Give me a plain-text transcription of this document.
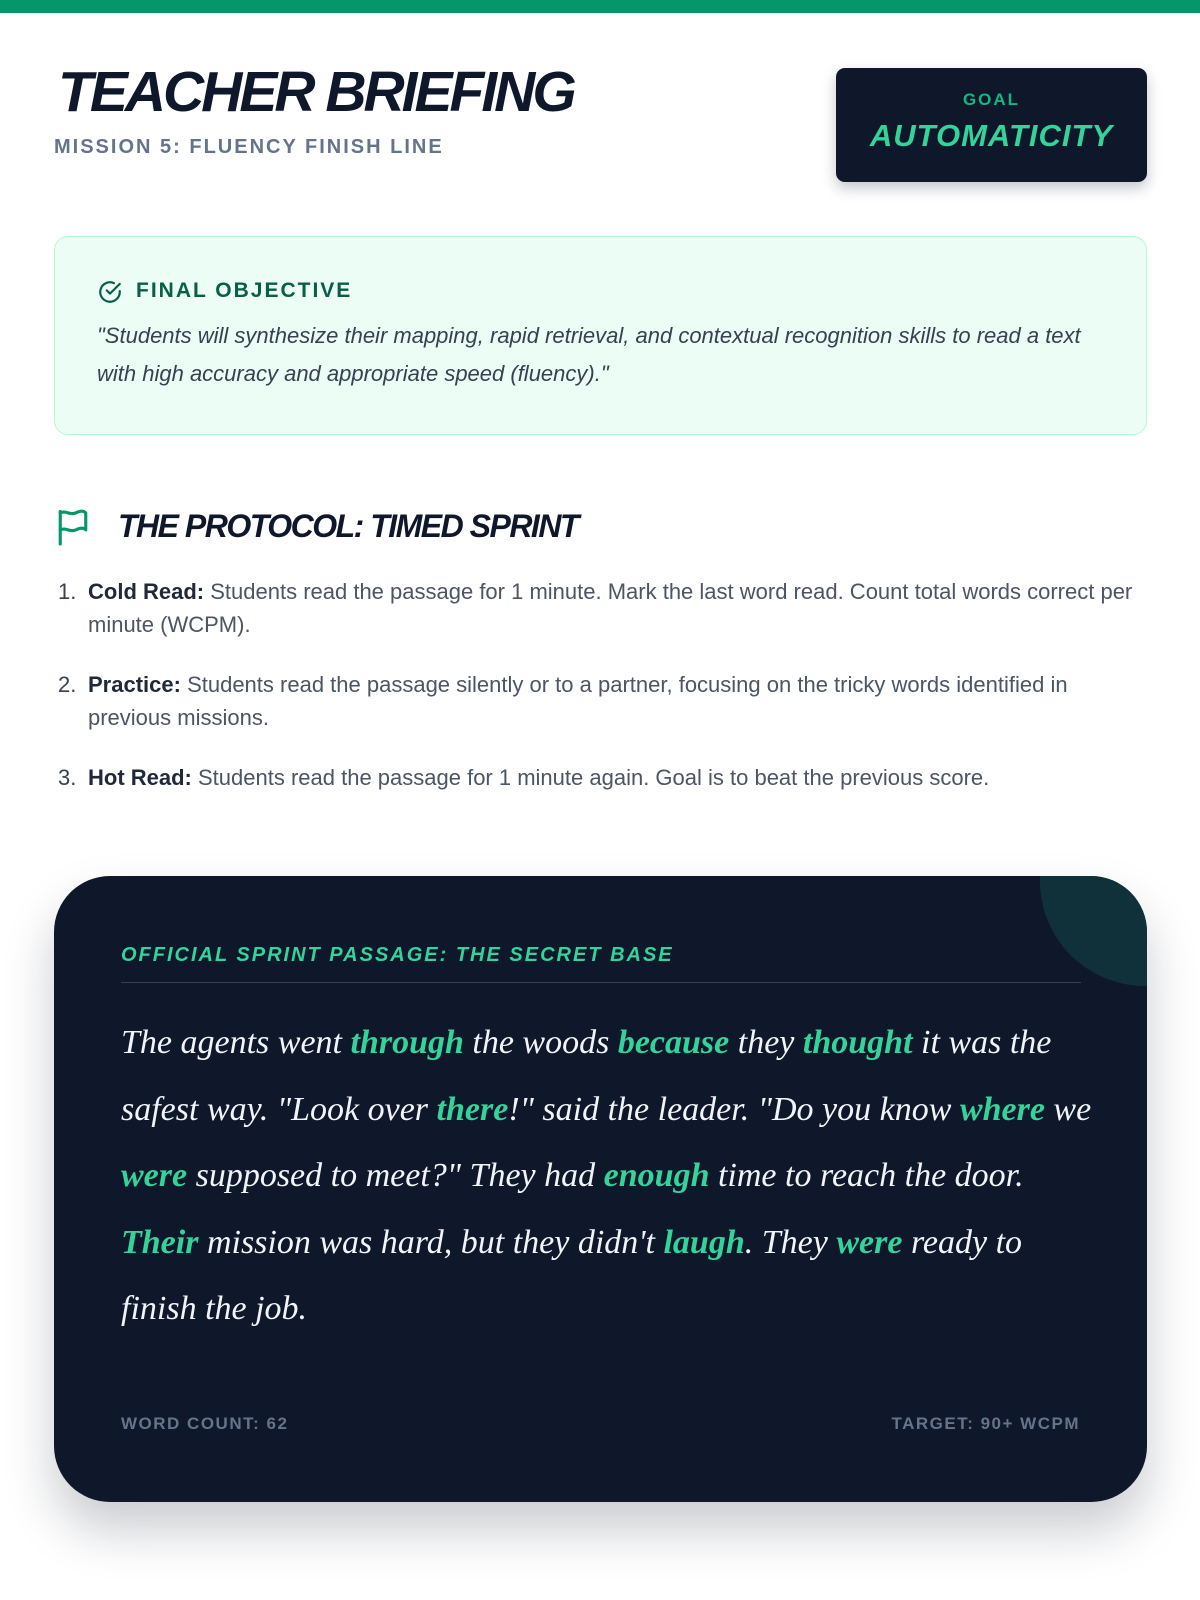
TEACHER BRIEFING
MISSION 5: FLUENCY FINISH LINE
GOAL
AUTOMATICITY
FINAL OBJECTIVE

"Students will synthesize their mapping, rapid retrieval, and contextual recognition skills to read a text with high accuracy and appropriate speed (fluency)."

THE PROTOCOL: TIMED SPRINT
1. Cold Read: Students read the passage for 1 minute. Mark the last word read. Count total words correct per minute (WCPM).
2. Practice: Students read the passage silently or to a partner, focusing on the tricky words identified in previous missions.
3. Hot Read: Students read the passage for 1 minute again. Goal is to beat the previous score.
OFFICIAL SPRINT PASSAGE: THE SECRET BASE

The agents went through the woods because they thought it was the safest way. "Look over there!" said the leader. "Do you know where we were supposed to meet?" They had enough time to reach the door. Their mission was hard, but they didn't laugh. They were ready to finish the job.

WORD COUNT: 62	TARGET: 90+ WCPM
